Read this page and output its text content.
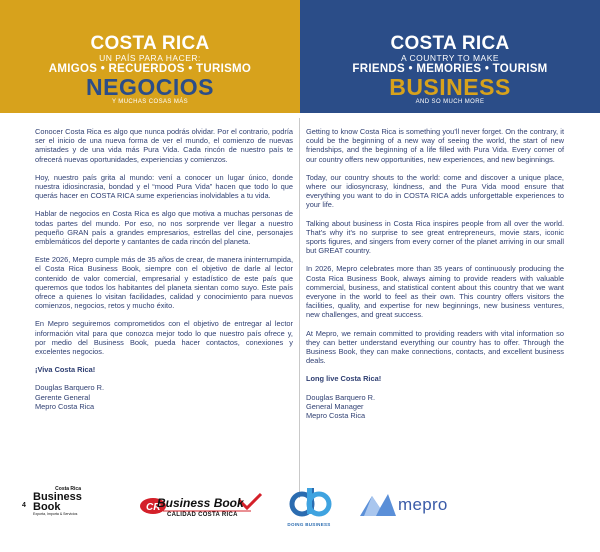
COSTA RICA
UN PAÍS PARA HACER:
AMIGOS • RECUERDOS • TURISMO
NEGOCIOS
Y MUCHAS COSAS MÁS
COSTA RICA
A COUNTRY TO MAKE
FRIENDS • MEMORIES • TOURISM
BUSINESS
AND SO MUCH MORE

Conocer Costa Rica es algo que nunca podrás olvidar. Por el contrario, podría ser el inicio de una nueva forma de ver el mundo, el comienzo de nuevas amistades y de una vida más Pura Vida. Cada rincón de nuestro país te ofrecerá nuevas oportunidades, experiencias y comienzos.

Hoy, nuestro país grita al mundo: vení a conocer un lugar único, donde nuestra idiosincrasia, bondad y el “mood Pura Vida” hacen que todo lo que querás hacer en COSTA RICA sume experiencias inolvidables a tu vida.

Hablar de negocios en Costa Rica es algo que motiva a muchas personas de todas partes del mundo. Por eso, no nos sorprende ver llegar a nuestro pequeño GRAN país a grandes empresarios, estrellas del cine, personajes emblemáticos del deporte y cantantes de cada rincón del planeta.

Este 2026, Mepro cumple más de 35 años de crear, de manera ininterrumpida, el Costa Rica Business Book, siempre con el objetivo de darle al lector contenido de valor comercial, empresarial y estadístico de este país que queremos que todos los habitantes del planeta sientan como suyo. Este país ofrece a quienes lo visitan facilidades, calidad y conocimiento para nuevos comienzos, negocios, retos y mucho éxito.

En Mepro seguiremos comprometidos con el objetivo de entregar al lector información vital para que conozca mejor todo lo que nuestro país ofrece y, por medio del Business Book, pueda hacer contactos, conexiones y excelentes negocios.

¡Viva Costa Rica!

Douglas Barquero R.

Gerente General

Mepro Costa Rica

Getting to know Costa Rica is something you’ll never forget. On the contrary, it could be the beginning of a new way of seeing the world, the start of new friendships, and the beginning of a life filled with Pura Vida. Every corner of our country offers new opportunities, new experiences, and new beginnings.

Today, our country shouts to the world: come and discover a unique place, where our idiosyncrasy, kindness, and the Pura Vida mood ensure that everything you want to do in COSTA RICA adds unforgettable experiences to your life.

Talking about business in Costa Rica inspires people from all over the world. That’s why it’s no surprise to see great entrepreneurs, movie stars, iconic sports figures, and singers from every corner of the planet arriving in our small but GREAT country.

In 2026, Mepro celebrates more than 35 years of continuously producing the Costa Rica Business Book, always aiming to provide readers with valuable commercial, business, and statistical content about this country that we want everyone in the world to feel as their own. This country offers visitors the facilities, quality, and expertise for new beginnings, new business ventures, new challenges, and great success.

At Mepro, we remain committed to providing readers with vital information so they can better understand everything our country has to offer. Through the Business Book, they can make connections, contacts, and excellent business deals.

Long live Costa Rica!

Douglas Barquero R.

General Manager

Mepro Costa Rica

4
Costa Rica
Business
Book
Exporta, Importa & Servicios
CR
Business Book
CALIDAD COSTA RICA
DOING BUSINESS
mepro
